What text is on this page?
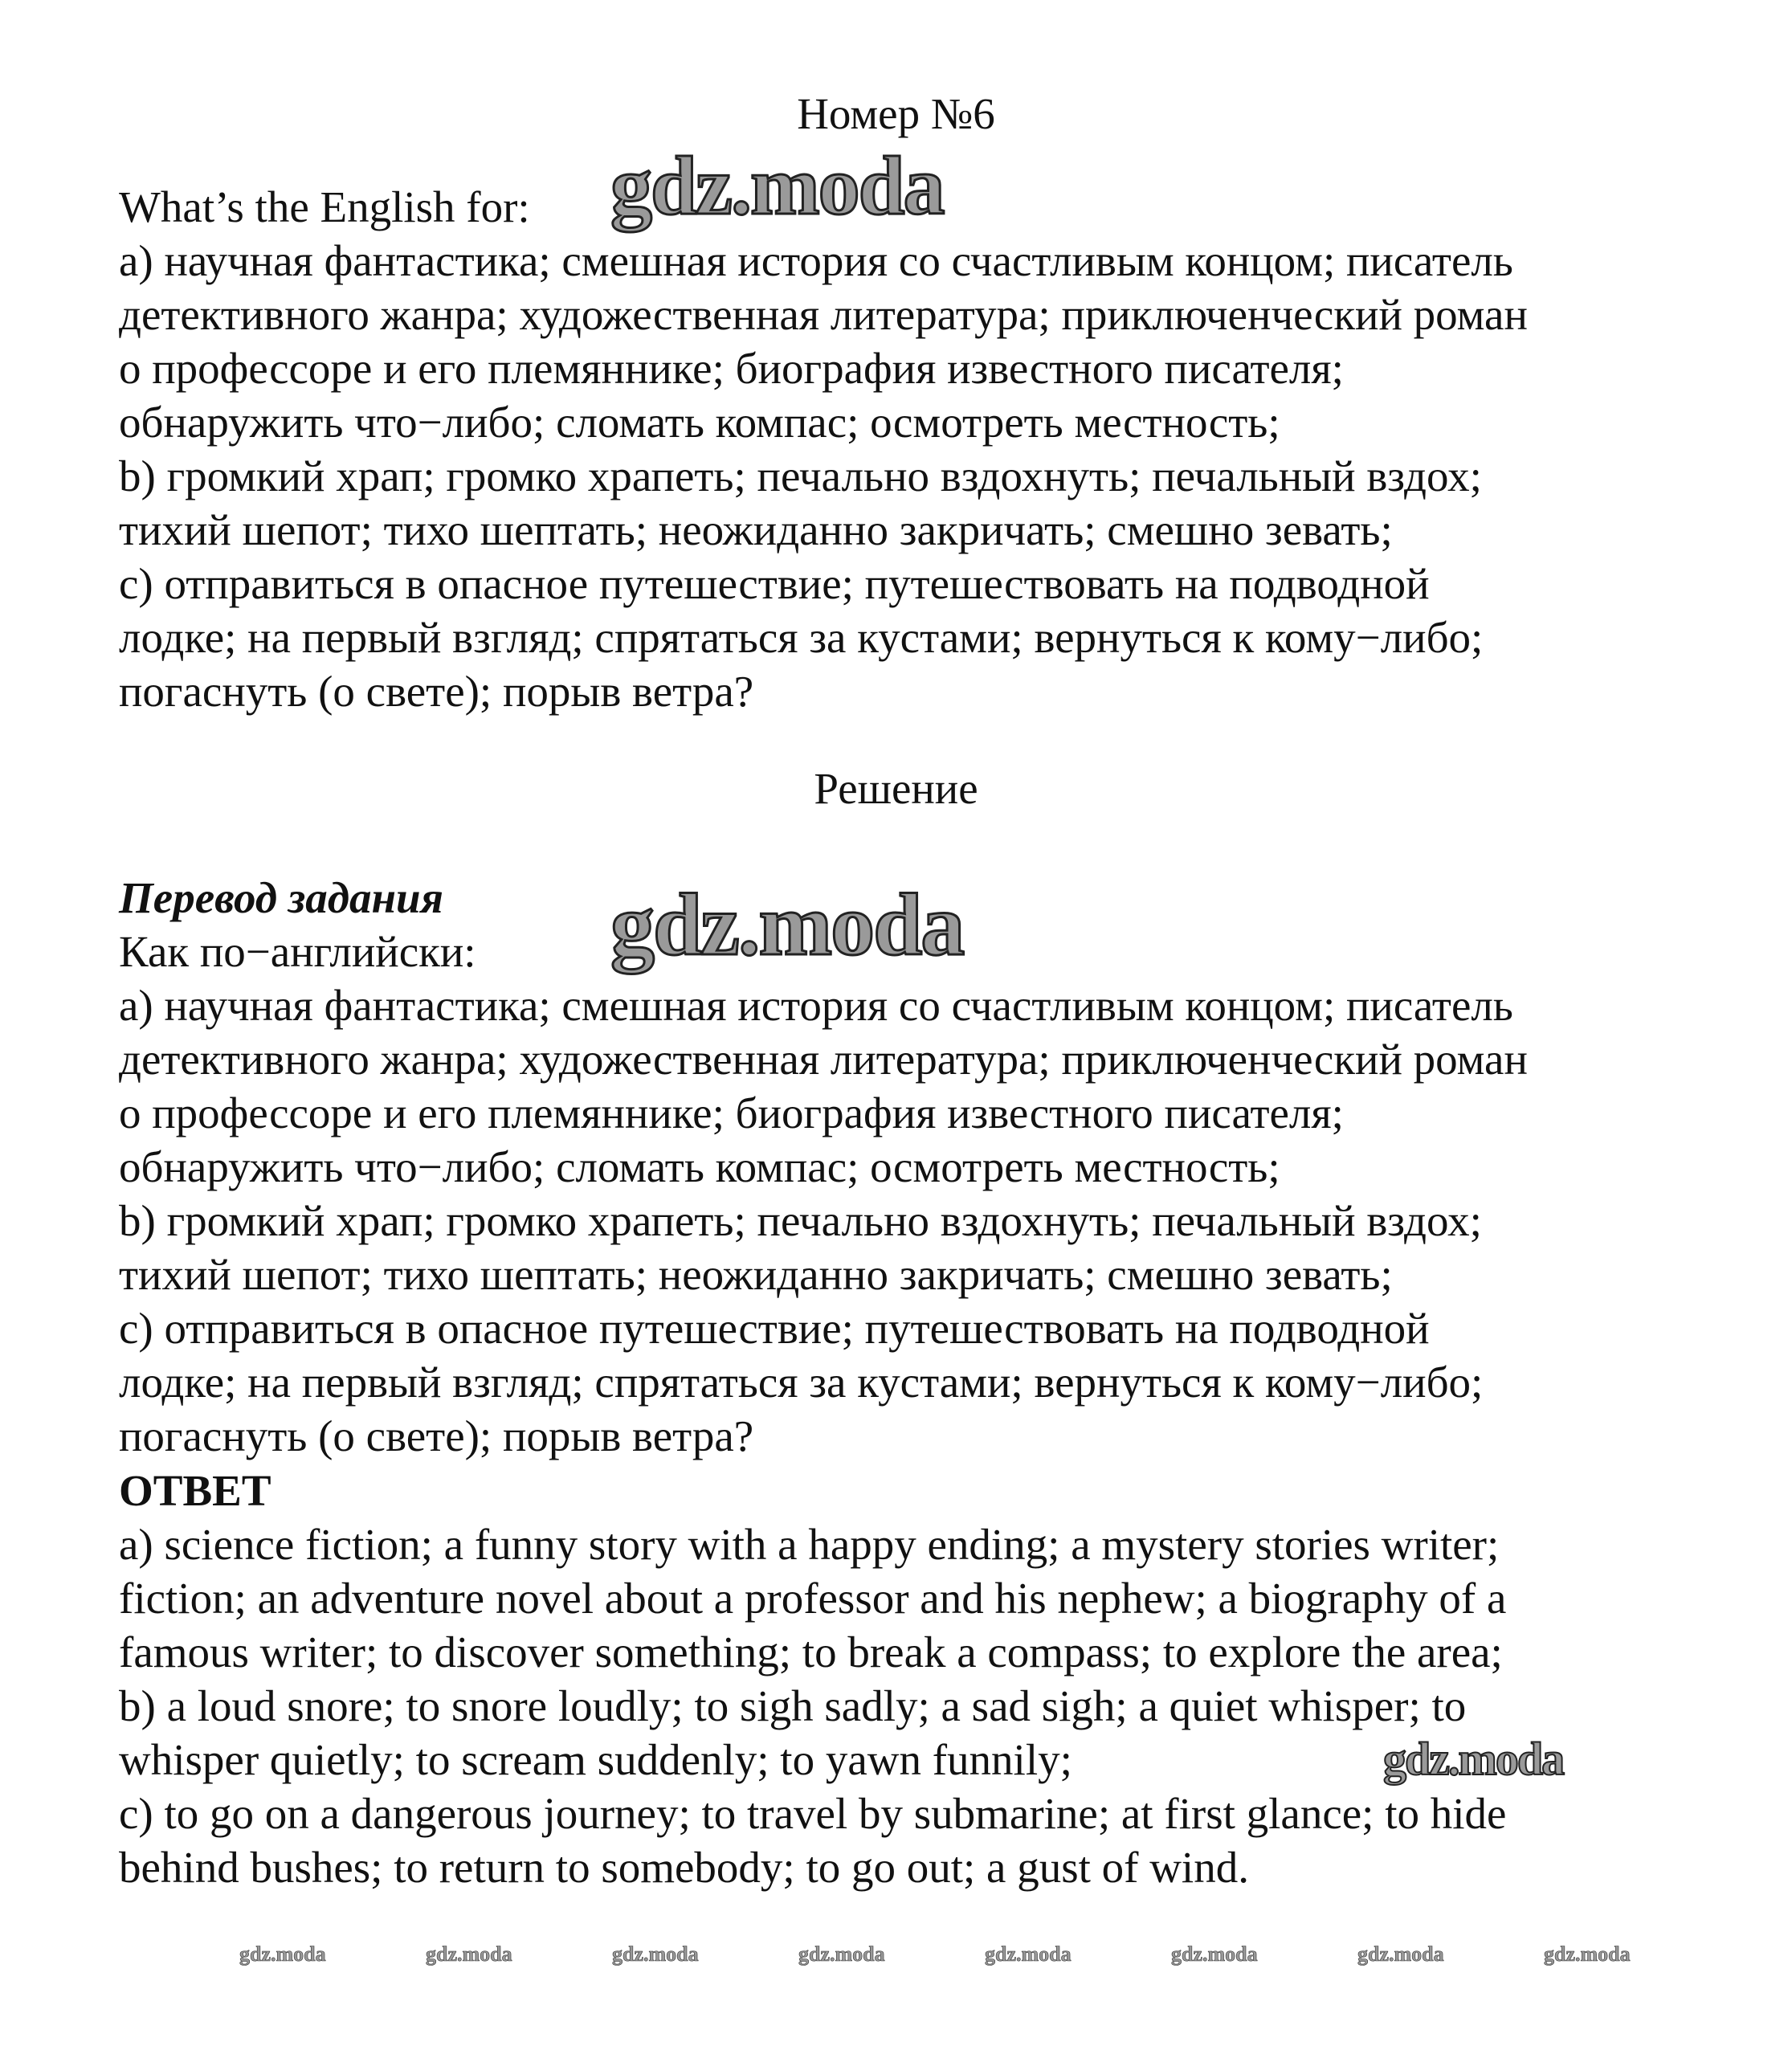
Номер №6
What’s the English for:
a) научная фантастика; смешная история со счастливым концом; писатель
детективного жанра; художественная литература; приключенческий роман
о профессоре и его племяннике; биография известного писателя;
обнаружить что−либо; сломать компас; осмотреть местность;
b) громкий храп; громко храпеть; печально вздохнуть; печальный вздох;
тихий шепот; тихо шептать; неожиданно закричать; смешно зевать;
c) отправиться в опасное путешествие; путешествовать на подводной
лодке; на первый взгляд; спрятаться за кустами; вернуться к кому−либо;
погаснуть (о свете); порыв ветра?
Решение
Перевод задания
Как по−английски:
a) научная фантастика; смешная история со счастливым концом; писатель
детективного жанра; художественная литература; приключенческий роман
о профессоре и его племяннике; биография известного писателя;
обнаружить что−либо; сломать компас; осмотреть местность;
b) громкий храп; громко храпеть; печально вздохнуть; печальный вздох;
тихий шепот; тихо шептать; неожиданно закричать; смешно зевать;
c) отправиться в опасное путешествие; путешествовать на подводной
лодке; на первый взгляд; спрятаться за кустами; вернуться к кому−либо;
погаснуть (о свете); порыв ветра?
ОТВЕТ
a) science fiction; a funny story with a happy ending; a mystery stories writer;
fiction; an adventure novel about a professor and his nephew; a biography of a
famous writer; to discover something; to break a compass; to explore the area;
b) a loud snore; to snore loudly; to sigh sadly; a sad sigh; a quiet whisper; to
whisper quietly; to scream suddenly; to yawn funnily;
c) to go on a dangerous journey; to travel by submarine; at first glance; to hide
behind bushes; to return to somebody; to go out; a gust of wind.
gdz.moda
gdz.moda
gdz.moda
gdz.moda	gdz.moda	gdz.moda	gdz.moda	gdz.moda	gdz.moda	gdz.moda	gdz.moda
